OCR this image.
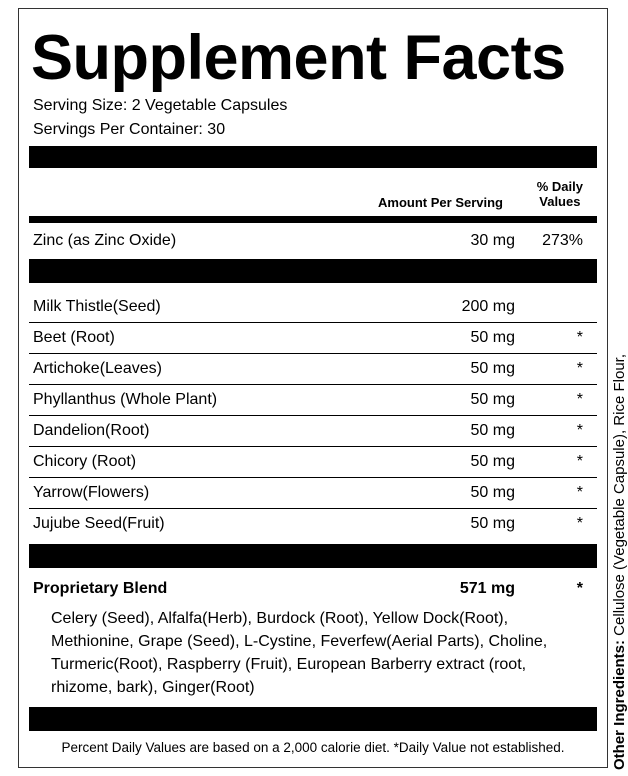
Supplement Facts
Serving Size: 2 Vegetable Capsules
Servings Per Container: 30
Amount Per Serving
% Daily
Values
Zinc (as Zinc Oxide)	30 mg 273%
Milk Thistle(Seed)	200 mg
Beet (Root)	50 mg	*
Artichoke(Leaves)	50 mg	*
Phyllanthus (Whole Plant)	50 mg	*
Dandelion(Root)	50 mg	*
Chicory (Root)	50 mg	*
Yarrow(Flowers)	50 mg	*
Jujube Seed(Fruit)	50 mg	*
Proprietary Blend	571 mg	*
Celery (Seed), Alfalfa(Herb), Burdock (Root), Yellow Dock(Root), Methionine, Grape (Seed), L-Cystine, Feverfew(Aerial Parts), Choline, Turmeric(Root), Raspberry (Fruit), European Barberry extract (root, rhizome, bark), Ginger(Root)
Percent Daily Values are based on a 2,000 calorie diet. *Daily Value not established.	Other Ingredients: Cellulose (Vegetable Capsule), Rice Flour,
